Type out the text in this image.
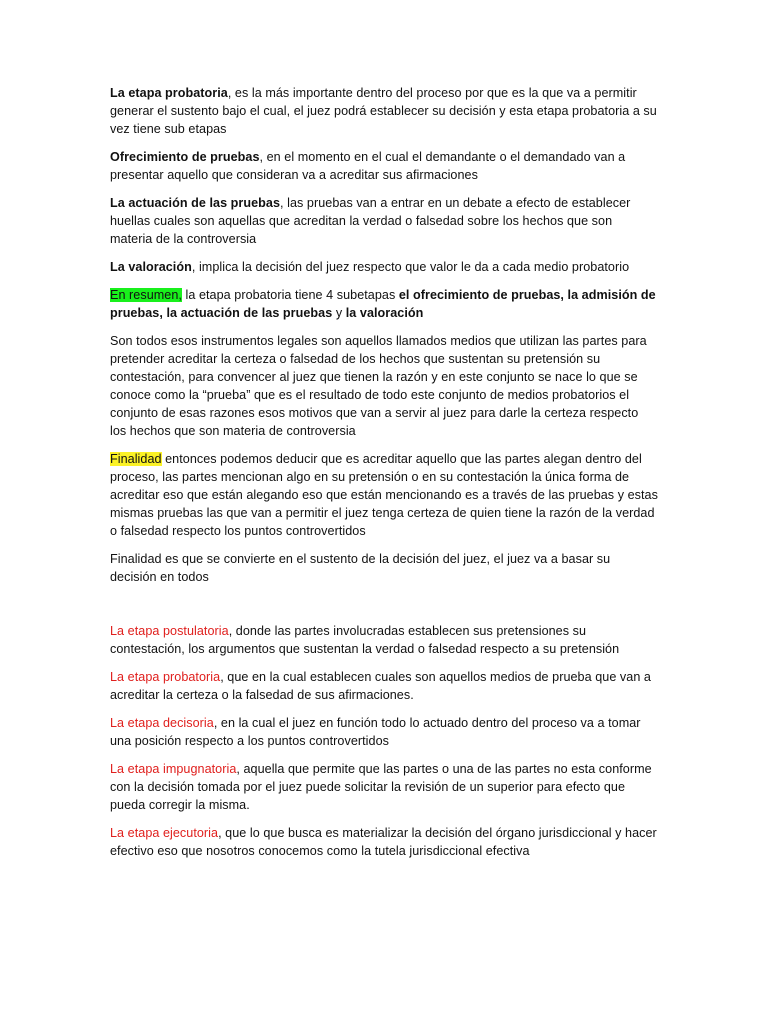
La etapa probatoria, es la más importante dentro del proceso por que es la que va a permitir generar el sustento bajo el cual, el juez podrá establecer su decisión y esta etapa probatoria a su vez tiene sub etapas

Ofrecimiento de pruebas, en el momento en el cual el demandante o el demandado van a presentar aquello que consideran va a acreditar sus afirmaciones

La actuación de las pruebas, las pruebas van a entrar en un debate a efecto de establecer huellas cuales son aquellas que acreditan la verdad o falsedad sobre los hechos que son materia de la controversia

La valoración, implica la decisión del juez respecto que valor le da a cada medio probatorio

En resumen, la etapa probatoria tiene 4 subetapas el ofrecimiento de pruebas, la admisión de pruebas, la actuación de las pruebas y la valoración

Son todos esos instrumentos legales son aquellos llamados medios que utilizan las partes para pretender acreditar la certeza o falsedad de los hechos que sustentan su pretensión su contestación, para convencer al juez que tienen la razón y en este conjunto se nace lo que se conoce como la “prueba” que es el resultado de todo este conjunto de medios probatorios el conjunto de esas razones esos motivos que van a servir al juez para darle la certeza respecto los hechos que son materia de controversia

Finalidad entonces podemos deducir que es acreditar aquello que las partes alegan dentro del proceso, las partes mencionan algo en su pretensión o en su contestación la única forma de acreditar eso que están alegando eso que están mencionando es a través de las pruebas y estas mismas pruebas las que van a permitir el juez tenga certeza de quien tiene la razón de la verdad o falsedad respecto los puntos controvertidos

Finalidad es que se convierte en el sustento de la decisión del juez, el juez va a basar su decisión en todos

La etapa postulatoria, donde las partes involucradas establecen sus pretensiones su contestación, los argumentos que sustentan la verdad o falsedad respecto a su pretensión

La etapa probatoria, que en la cual establecen cuales son aquellos medios de prueba que van a acreditar la certeza o la falsedad de sus afirmaciones.

La etapa decisoria, en la cual el juez en función todo lo actuado dentro del proceso va a tomar una posición respecto a los puntos controvertidos

La etapa impugnatoria, aquella que permite que las partes o una de las partes no esta conforme con la decisión tomada por el juez puede solicitar la revisión de un superior para efecto que pueda corregir la misma.

La etapa ejecutoria, que lo que busca es materializar la decisión del órgano jurisdiccional y hacer efectivo eso que nosotros conocemos como la tutela jurisdiccional efectiva
